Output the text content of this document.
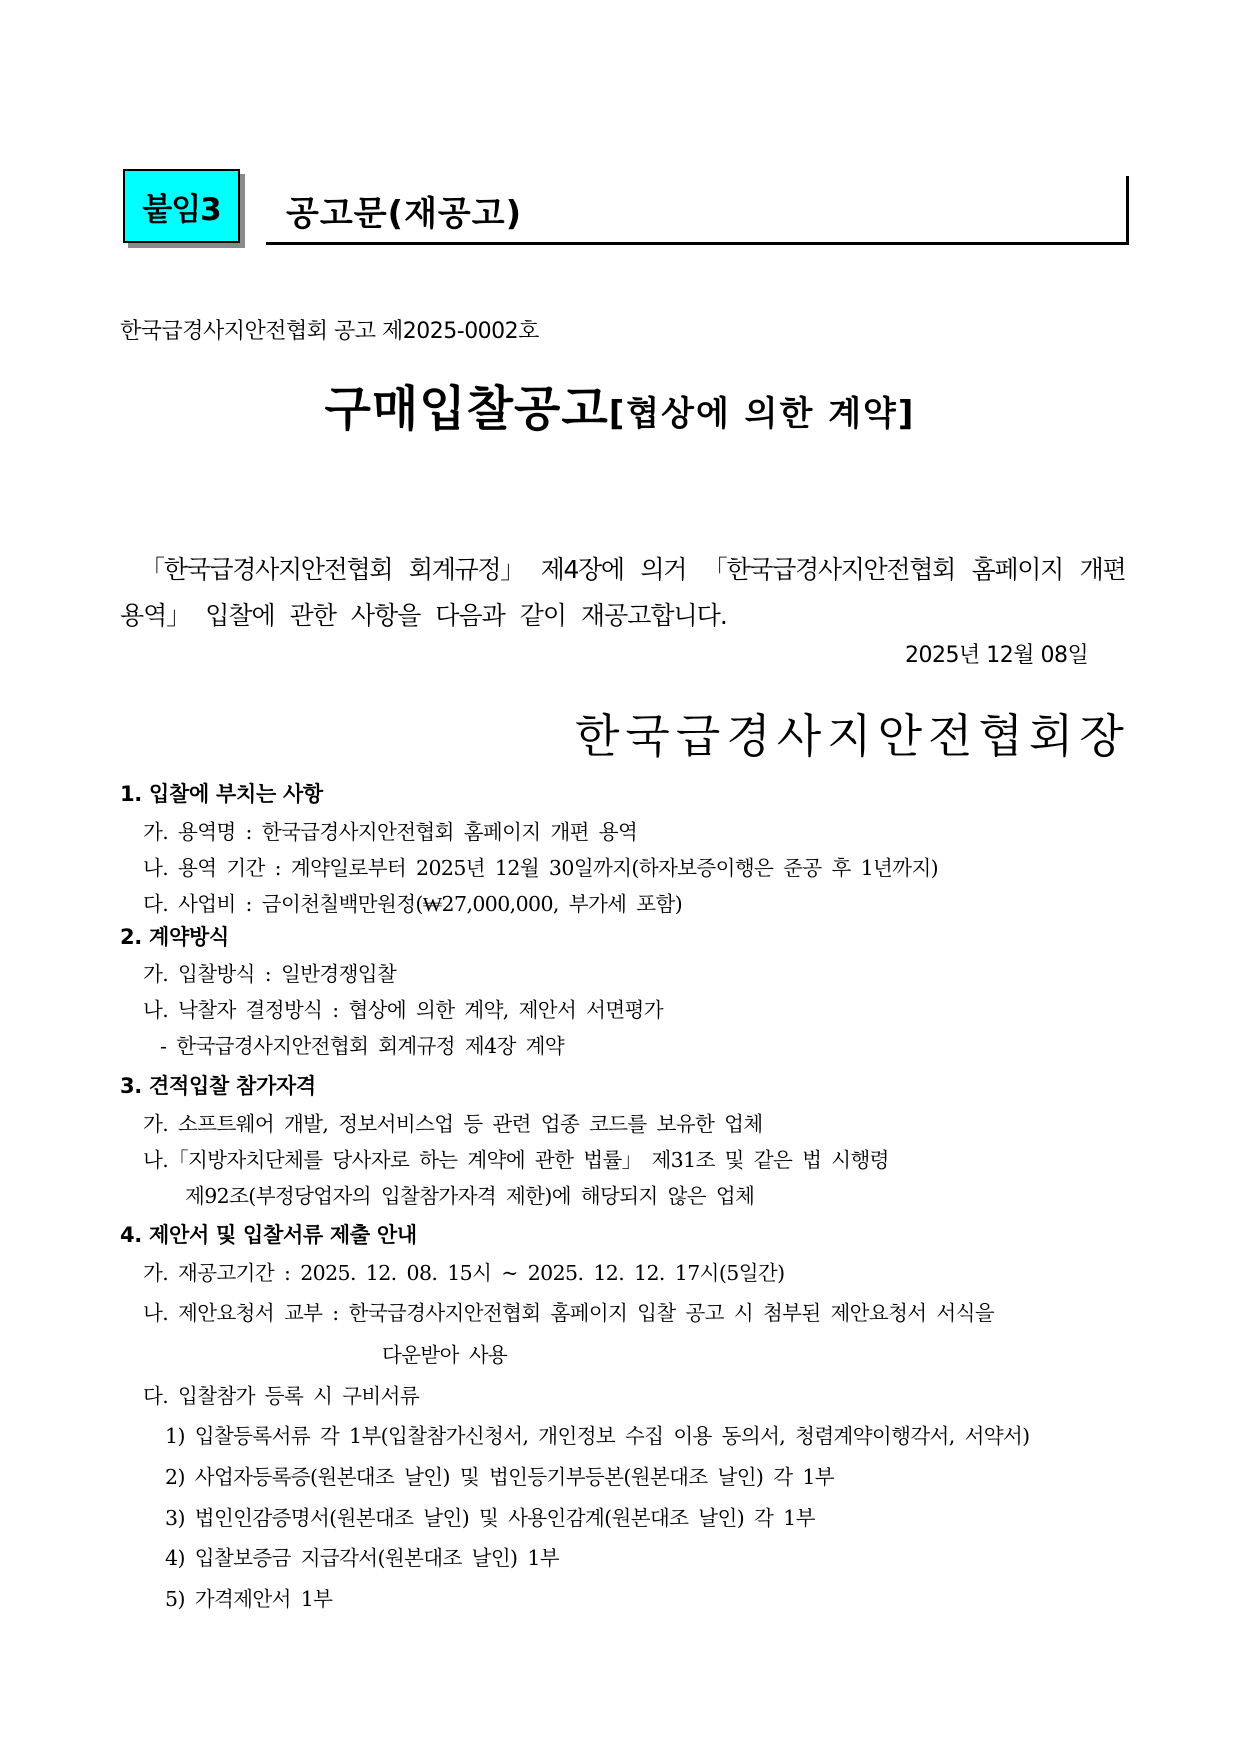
붙임3	공고문(재공고)
한국급경사지안전협회 공고 제2025-0002호
구매입찰공고[협상에 의한 계약]
「한국급경사지안전협회 회계규정」 제4장에 의거 「한국급경사지안전협회 홈페이지 개편
용역」 입찰에 관한 사항을 다음과 같이 재공고합니다.
2025년 12월 08일
한국급경사지안전협회장
1. 입찰에 부치는 사항
가. 용역명 : 한국급경사지안전협회 홈페이지 개편 용역
나. 용역 기간 : 계약일로부터 2025년 12월 30일까지(하자보증이행은 준공 후 1년까지)
다. 사업비 : 금이천칠백만원정(₩27,000,000, 부가세 포함)
2. 계약방식
가. 입찰방식 : 일반경쟁입찰
나. 낙찰자 결정방식 : 협상에 의한 계약, 제안서 서면평가
- 한국급경사지안전협회 회계규정 제4장 계약
3. 견적입찰 참가자격
가. 소프트웨어 개발, 정보서비스업 등 관련 업종 코드를 보유한 업체
나.「지방자치단체를 당사자로 하는 계약에 관한 법률」 제31조 및 같은 법 시행령
제92조(부정당업자의 입찰참가자격 제한)에 해당되지 않은 업체
4. 제안서 및 입찰서류 제출 안내
가. 재공고기간 : 2025. 12. 08. 15시 ~ 2025. 12. 12. 17시(5일간)
나. 제안요청서 교부 : 한국급경사지안전협회 홈페이지 입찰 공고 시 첨부된 제안요청서 서식을
다운받아 사용
다. 입찰참가 등록 시 구비서류
1) 입찰등록서류 각 1부(입찰참가신청서, 개인정보 수집 이용 동의서, 청렴계약이행각서, 서약서)
2) 사업자등록증(원본대조 날인) 및 법인등기부등본(원본대조 날인) 각 1부
3) 법인인감증명서(원본대조 날인) 및 사용인감계(원본대조 날인) 각 1부
4) 입찰보증금 지급각서(원본대조 날인) 1부
5) 가격제안서 1부
